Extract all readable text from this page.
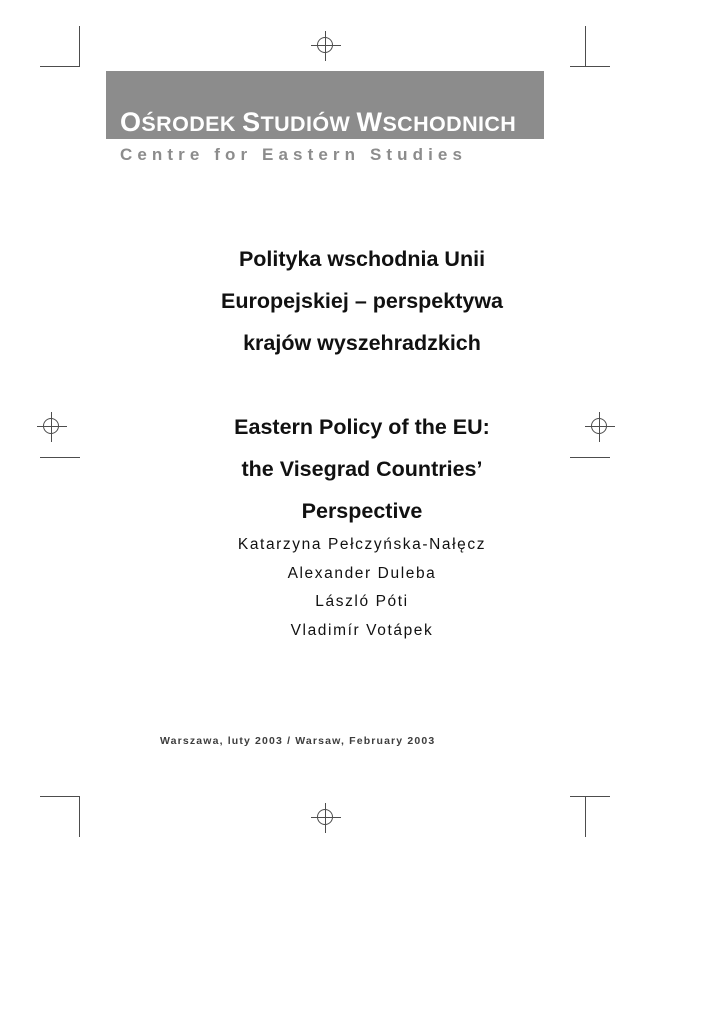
OŚRODEK STUDIÓW WSCHODNICH
Centre for Eastern Studies
Polityka wschodnia Unii
Europejskiej – perspektywa
krajów wyszehradzkich
Eastern Policy of the EU:
the Visegrad Countries’
Perspective
Katarzyna Pełczyńska-Nałęcz
Alexander Duleba
László Póti
Vladimír Votápek
Warszawa, luty 2003 / Warsaw, February 2003
